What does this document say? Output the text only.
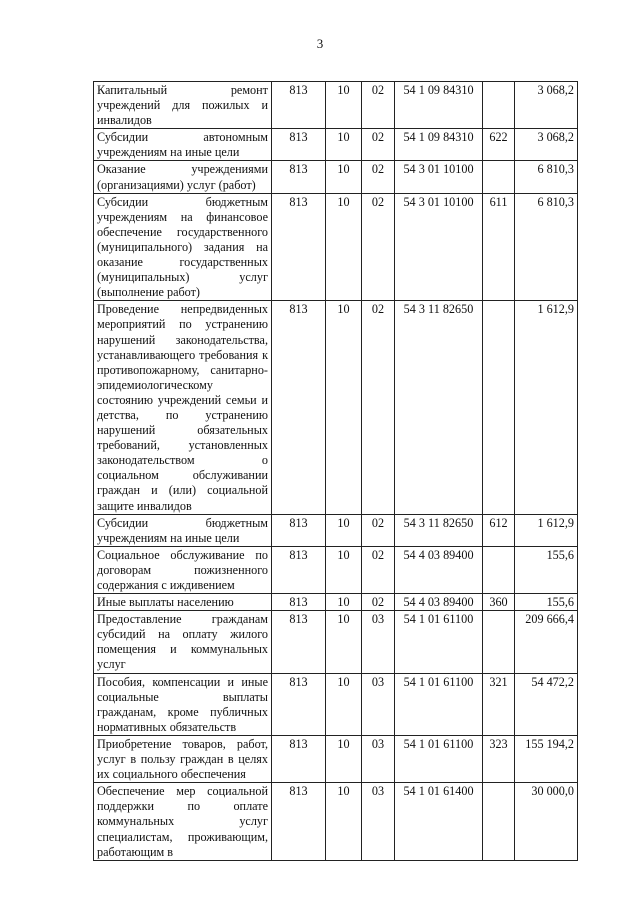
3
Капитальный ремонт учреждений для пожилых и инвалидов	813	10	02	54 1 09 84310		3 068,2
Субсидии автономным учреждениям на иные цели	813	10	02	54 1 09 84310	622	3 068,2
Оказание учреждениями (организациями) услуг (работ)	813	10	02	54 3 01 10100		6 810,3
Субсидии бюджетным учреждениям на финансовое обеспечение государственного (муниципального) задания на оказание государственных (муниципальных) услуг (выполнение работ)	813	10	02	54 3 01 10100	611	6 810,3
Проведение непредвиденных мероприятий по устранению нарушений законодательства, устанавливающего требования к противопожарному, санитарно-эпидемиологическому состоянию учреждений семьи и детства, по устранению нарушений обязательных требований, установленных законодательством о социальном обслуживании граждан и (или) социальной защите инвалидов	813	10	02	54 3 11 82650		1 612,9
Субсидии бюджетным учреждениям на иные цели	813	10	02	54 3 11 82650	612	1 612,9
Социальное обслуживание по договорам пожизненного содержания с иждивением	813	10	02	54 4 03 89400		155,6
Иные выплаты населению	813	10	02	54 4 03 89400	360	155,6
Предоставление гражданам субсидий на оплату жилого помещения и коммунальных услуг	813	10	03	54 1 01 61100		209 666,4
Пособия, компенсации и иные социальные выплаты гражданам, кроме публичных нормативных обязательств	813	10	03	54 1 01 61100	321	54 472,2
Приобретение товаров, работ, услуг в пользу граждан в целях их социального обеспечения	813	10	03	54 1 01 61100	323	155 194,2
Обеспечение мер социальной поддержки по оплате коммунальных услуг специалистам, проживающим, работающим в	813	10	03	54 1 01 61400		30 000,0
